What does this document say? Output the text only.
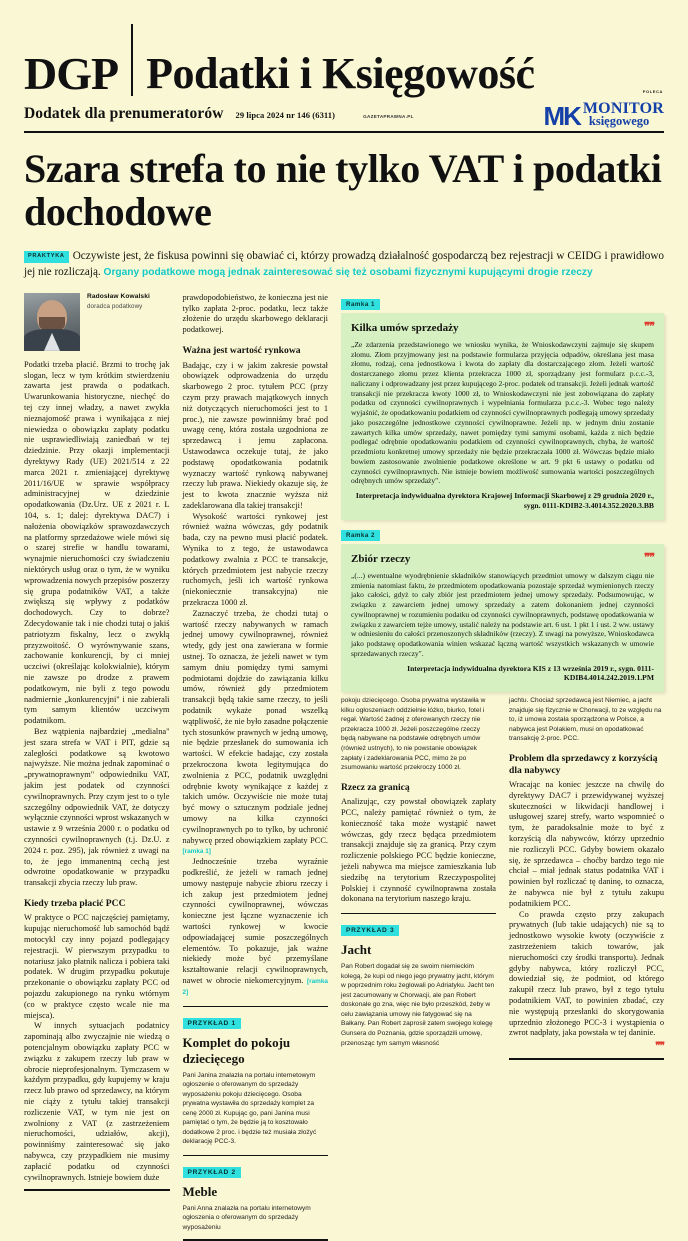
DGP Podatki i Księgowość
Dodatek dla prenumeratorów 29 lipca 2024 nr 146 (6311)	GAZETAPRAWNA.PL
POLECA
MK MONITOR
księgowego
Szara strefa to nie tylko VAT i podatki dochodowe
PRAKTYKA Oczywiste jest, że fiskusa powinni się obawiać ci, którzy prowadzą działalność gospodarczą bez rejestracji w CEIDG i prawidłowo jej nie rozliczają. Organy podatkowe mogą jednak zainteresować się też osobami fizycznymi kupującymi drogie rzeczy
Radosław Kowalski
doradca podatkowy

Podatki trzeba płacić. Brzmi to trochę jak slogan, lecz w tym krótkim stwierdzeniu zawarta jest prawda o podatkach. Uwarunkowania historyczne, niechęć do tej czy innej władzy, a nawet zwykła nieznajomość prawa i wynikająca z niej niewiedza o obowiązku zapłaty podatku nie usprawiedliwiają zaniedbań w tej dziedzinie. Przy okazji implementacji dyrektywy Rady (UE) 2021/514 z 22 marca 2021 r. zmieniającej dyrektywę 2011/16/UE w sprawie współpracy administracyjnej w dziedzinie opodatkowania (Dz.Urz. UE z 2021 r. L 104, s. 1; dalej: dyrektywa DAC7) i nałożenia obowiązków sprawozdawczych na platformy sprzedażowe wiele mówi się o szarej strefie w handlu towarami, wynajmie nieruchomości czy świadczeniu niektórych usług oraz o tym, że w wyniku wprowadzenia nowych przepisów poszerzy się grupa podatników VAT, a także zwiększą się wpływy z podatków dochodowych. Czy to dobrze? Zdecydowanie tak i nie chodzi tutaj o jakiś patriotyzm fiskalny, lecz o zwykłą przyzwoitość. O wyrównywanie szans, zachowanie konkurencji, by ci mniej uczciwi (określając kolokwialnie), którym nie zawsze po drodze z prawem podatkowym, nie byli z tego powodu nadmiernie „konkurencyjni" i nie zabierali tym samym klientów uczciwym podatnikom.

Bez wątpienia najbardziej „medialna" jest szara strefa w VAT i PIT, gdzie są zaległości podatkowe są kwotowo najwyższe. Nie można jednak zapominać o „prywatnoprawnym" odpowiedniku VAT, jakim jest podatek od czynności cywilnoprawnych. Przy czym jest to o tyle szczególny odpowiednik VAT, że dotyczy wyłącznie czynności wprost wskazanych w ustawie z 9 września 2000 r. o podatku od czynności cywilnoprawnych (t.j. Dz.U. z 2024 r. poz. 295), jak również z uwagi na to, że jego immanentną cechą jest odwrotne opodatkowanie w przypadku transakcji zbycia rzeczy lub praw.

Kiedy trzeba płacić PCC

W praktyce o PCC najczęściej pamiętamy, kupując nieruchomość lub samochód bądź motocykl czy inny pojazd podlegający rejestracji. W pierwszym przypadku to notariusz jako płatnik nalicza i pobiera taki podatek. W drugim przypadku pokutuje przekonanie o obowiązku zapłaty PCC od pojazdu zakupionego na rynku wtórnym (co w praktyce często wcale nie ma miejsca).

W innych sytuacjach podatnicy zapominają albo zwyczajnie nie wiedzą o potencjalnym obowiązku zapłaty PCC w związku z zakupem rzeczy lub praw w obrocie nieprofesjonalnym. Tymczasem w każdym przypadku, gdy kupujemy w kraju rzecz lub prawo od sprzedawcy, na którym nie ciąży z tytułu takiej transakcji rozliczenie VAT, w tym nie jest on zwolniony z VAT (z zastrzeżeniem nieruchomości, udziałów, akcji), powinniśmy zainteresować się jako nabywca, czy przypadkiem nie musimy zapłacić podatku od czynności cywilnoprawnych. Istnieje bowiem duże

prawdopodobieństwo, że konieczna jest nie tylko zapłata 2-proc. podatku, lecz także złożenie do urzędu skarbowego deklaracji podatkowej.

Ważna jest wartość rynkowa

Badając, czy i w jakim zakresie powstał obowiązek odprowadzenia do urzędu skarbowego 2 proc. tytułem PCC (przy czym przy prawach majątkowych innych niż dotyczących nieruchomości jest to 1 proc.), nie zawsze powinniśmy brać pod uwagę cenę, która została uzgodniona ze sprzedawcą i jemu zapłacona. Ustawodawca oczekuje tutaj, że jako podstawę opodatkowania podatnik wyznaczy wartość rynkową nabywanej rzeczy lub prawa. Niekiedy okazuje się, że jest to kwota znacznie wyższa niż zadeklarowana dla takiej transakcji!

Wysokość wartości rynkowej jest również ważna wówczas, gdy podatnik bada, czy na pewno musi płacić podatek. Wynika to z tego, że ustawodawca podatkowy zwalnia z PCC te transakcje, których przedmiotem jest nabycie rzeczy ruchomych, jeśli ich wartość rynkowa (niekoniecznie transakcyjna) nie przekracza 1000 zł.

Zaznaczyć trzeba, że chodzi tutaj o wartość rzeczy nabywanych w ramach jednej umowy cywilnoprawnej, również wtedy, gdy jest ona zawierana w formie ustnej. To oznacza, że jeżeli nawet w tym samym dniu pomiędzy tymi samymi podmiotami dojdzie do zawiązania kilku umów, również gdy przedmiotem transakcji będą takie same rzeczy, to jeśli podatnik wykaże ponad wszelką wątpliwość, że nie było zasadne połączenie tych stosunków prawnych w jedną umowę, nie będzie przesłanek do sumowania ich wartości. W efekcie badając, czy została przekroczona kwota legitymująca do zwolnienia z PCC, podatnik uwzględni odrębnie kwoty wynikające z każdej z takich umów. Oczywiście nie może tutaj być mowy o sztucznym podziale jednej umowy na kilka czynności cywilnoprawnych po to tylko, by uchronić nabywcę przed obowiązkiem zapłaty PCC. [ramka 1]

Jednocześnie trzeba wyraźnie podkreślić, że jeżeli w ramach jednej umowy następuje nabycie zbioru rzeczy i ich zakup jest przedmiotem jednej czynności cywilnoprawnej, wówczas konieczne jest łączne wyznaczenie ich wartości rynkowej w kwocie odpowiadającej sumie poszczególnych elementów. To pokazuje, jak ważne niekiedy może być przemyślane kształtowanie relacji cywilnoprawnych, nawet w obrocie niekomercyjnym. [ramka 2]

PRZYKŁAD 1
Komplet do pokoju dziecięcego

Pani Janina znalazła na portalu internetowym ogłoszenie o oferowanym do sprzedaży wyposażeniu pokoju dziecięcego. Osoba prywatna wystawiła do sprzedaży komplet za cenę 2000 zł. Kupując go, pani Janina musi pamiętać o tym, że będzie ją to kosztowało dodatkowe 2 proc. i będzie też musiała złożyć deklarację PCC-3.

PRZYKŁAD 2
Meble

Pani Anna znalazła na portalu internetowym ogłoszenia o oferowanym do sprzedaży wyposażeniu

Ramka 1
Kilka umów sprzedaży	❞❞

„Ze zdarzenia przedstawionego we wniosku wynika, że Wnioskodawczyni zajmuje się skupem złomu. Złom przyjmowany jest na podstawie formularza przyjęcia odpadów, określana jest masa złomu, rodzaj, cena jednostkowa i kwota do zapłaty dla dostarczającego złom. Jeżeli wartość dostarczanego złomu przez klienta przekracza 1000 zł, sporządzany jest formularz p.c.c.-3, naliczany i odprowadzany jest przez kupującego 2-proc. podatek od transakcji. Jeżeli jednak wartość transakcji nie przekracza kwoty 1000 zł, to Wnioskodawczyni nie jest zobowiązana do zapłaty podatku od czynności cywilnoprawnych i wypełniania formularza p.c.c.-3. Wobec tego należy wyjaśnić, że opodatkowaniu podatkiem od czynności cywilnoprawnych podlegają umowy sprzedaży jako poszczególne jednostkowe czynności cywilnoprawne. Jeżeli np. w jednym dniu zostanie zawartych kilka umów sprzedaży, nawet pomiędzy tymi samymi osobami, każda z nich będzie podlegać odrębnie opodatkowaniu podatkiem od czynności cywilnoprawnych, chyba, że wartość przedmiotu konkretnej umowy sprzedaży nie będzie przekraczała 1000 zł. Wówczas będzie miało bowiem zastosowanie zwolnienie podatkowe określone w art. 9 pkt 6 ustawy o podatku od czynności cywilnoprawnych. Nie istnieje bowiem możliwość sumowania wartości poszczególnych odrębnych umów sprzedaży".

Interpretacja indywidualna dyrektora Krajowej Informacji Skarbowej z 29 grudnia 2020 r., sygn. 0111-KDIB2-3.4014.352.2020.3.BB
Ramka 2
Zbiór rzeczy	❞❞

„(...) ewentualne wyodrębnienie składników stanowiących przedmiot umowy w dalszym ciągu nie zmienia natomiast faktu, że przedmiotem opodatkowania pozostaje sprzedaż wymienionych rzeczy jako całości, gdyż to cały zbiór jest przedmiotem jednej umowy sprzedaży. Podsumowując, w związku z zawarciem jednej umowy sprzedaży a zatem dokonaniem jednej czynności cywilnoprawnej w rozumieniu podatku od czynności cywilnoprawnych, podstawę opodatkowania w związku z zawarciem tejże umowy, ustalić należy na podstawie art. 6 ust. 1 pkt 1 i ust. 2 ww. ustawy w odniesieniu do całości przenoszonych składników (rzeczy). Z uwagi na powyższe, Wnioskodawca jako podstawę opodatkowania winien wskazać łączną wartość wszystkich wskazanych w umowie sprzedawanych rzeczy".

Interpretacja indywidualna dyrektora KIS z 13 września 2019 r., sygn. 0111-KDIB4.4014.242.2019.1.PM

pokoju dziecięcego. Osoba prywatna wystawiła w kilku ogłoszeniach oddzielnie łóżko, biurko, fotel i regał. Wartość żadnej z oferowanych rzeczy nie przekracza 1000 zł. Jeżeli poszczególne rzeczy będą nabywane na podstawie odrębnych umów (również ustnych), to nie powstanie obowiązek zapłaty i zadeklarowania PCC, mimo że po zsumowaniu wartość przekroczy 1000 zł.

Rzecz za granicą

Analizując, czy powstał obowiązek zapłaty PCC, należy pamiętać również o tym, że konieczność taka może wystąpić nawet wówczas, gdy rzecz będąca przedmiotem transakcji znajduje się za granicą. Przy czym rozliczenie polskiego PCC będzie konieczne, jeżeli nabywca ma miejsce zamieszkania lub siedzibę na terytorium Rzeczypospolitej Polskiej i czynność cywilnoprawna została dokonana na terytorium naszego kraju.

PRZYKŁAD 3
Jacht

Pan Robert dogadał się ze swoim niemieckim kolegą, że kupi od niego jego prywatny jacht, którym w poprzednim roku żeglowali po Adriatyku. Jacht ten jest zacumowany w Chorwacji, ale pan Robert doskonale go zna, więc nie było przeszkód, żeby w celu zawiązania umowy nie fatygować się na Bałkany. Pan Robert zaprosił zatem swojego kolegę Gunsera do Poznania, gdzie sporządzili umowę, przenosząc tym samym własność

jachtu. Chociaż sprzedawcą jest Niemiec, a jacht znajduje się fizycznie w Chorwacji, to ze względu na to, iż umowa została sporządzona w Polsce, a nabywca jest Polakiem, musi on opodatkować transakcję 2-proc. PCC.

Problem dla sprzedawcy z korzyścią dla nabywcy

Wracając na koniec jeszcze na chwilę do dyrektywy DAC7 i przewidywanej wyższej skuteczności w likwidacji handlowej i usługowej szarej strefy, warto wspomnieć o tym, że paradoksalnie może to być z korzyścią dla nabywców, którzy uprzednio nie rozliczyli PCC. Gdyby bowiem okazało się, że sprzedawca – choćby bardzo tego nie chciał – miał jednak status podatnika VAT i powinien był rozliczać tę daninę, to oznacza, że nabywca nie był z tytułu zakupu podatnikiem PCC.

Co prawda często przy zakupach prywatnych (lub takie udających) nie są to jednostkowo wysokie kwoty (oczywiście z zastrzeżeniem takich towarów, jak nieruchomości czy środki transportu). Jednak gdyby nabywca, który rozliczył PCC, dowiedział się, że podmiot, od którego zakupił rzecz lub prawo, był z tego tytułu podatnikiem VAT, to powinien zbadać, czy nie występują przesłanki do skorygowania uprzednio złożonego PCC-3 i wystąpienia o zwrot nadpłaty, jaka powstała w tej daninie.

❞❞
